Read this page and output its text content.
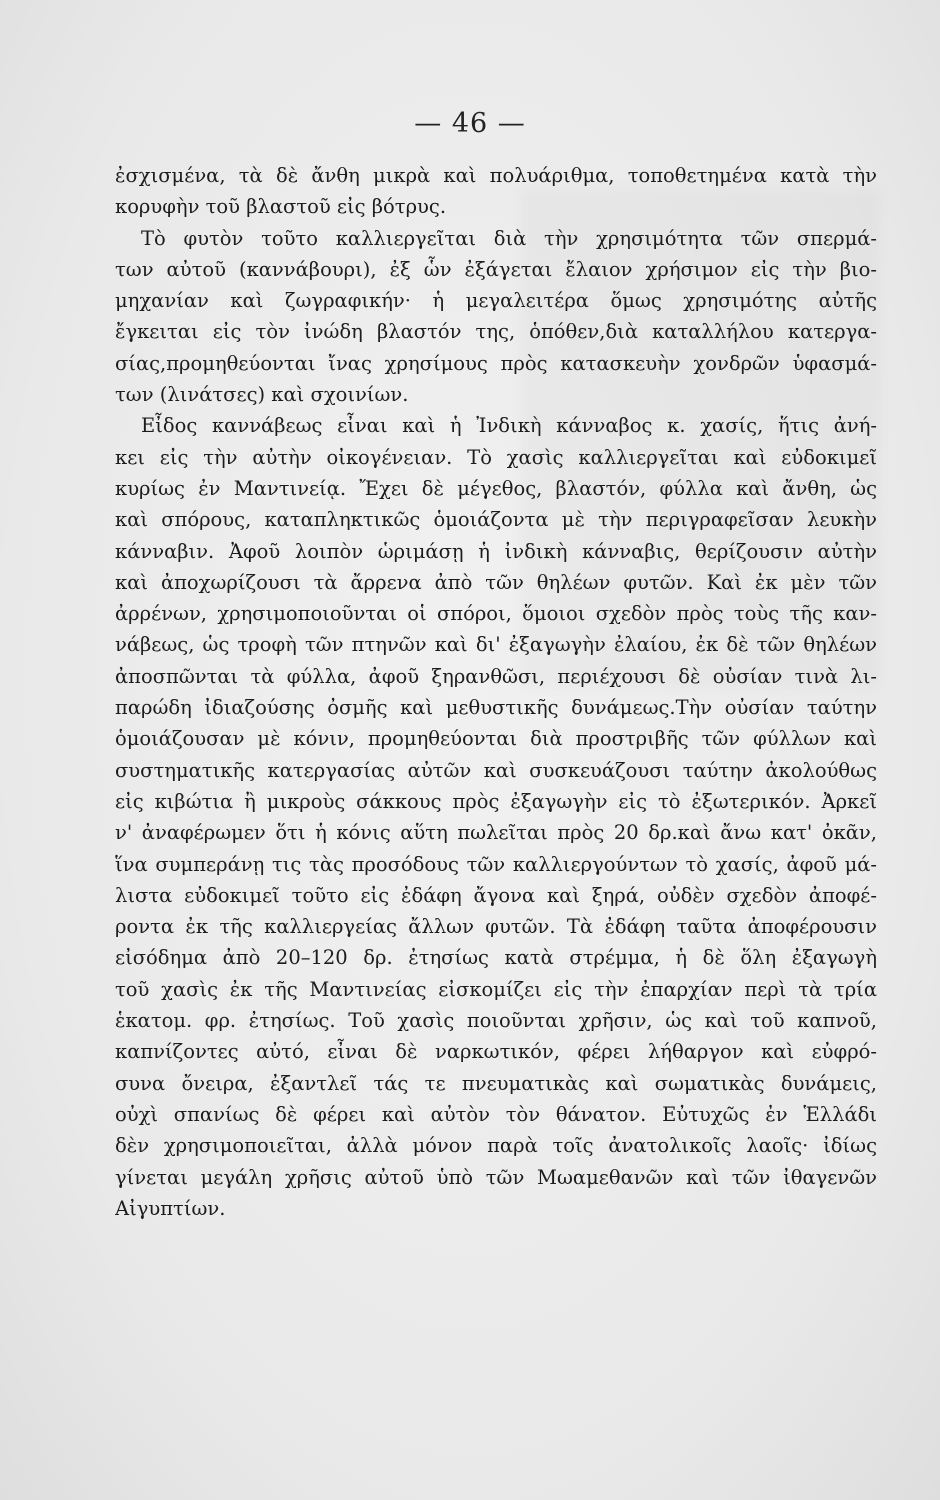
— 46 —
ἐσχισμένα, τὰ δὲ ἄνθη μικρὰ καὶ πολυάριθμα, τοποθετημένα κατὰ τὴν
κορυφὴν τοῦ βλαστοῦ εἰς βότρυς.
Τὸ φυτὸν τοῦτο καλλιεργεῖται διὰ τὴν χρησιμότητα τῶν σπερμά-
των αὐτοῦ (καννάβουρι), ἐξ ὧν ἐξάγεται ἔλαιον χρήσιμον εἰς τὴν βιο-
μηχανίαν καὶ ζωγραφικήν· ἡ μεγαλειτέρα ὅμως χρησιμότης αὐτῆς
ἔγκειται εἰς τὸν ἰνώδη βλαστόν της, ὁπόθεν,διὰ καταλλήλου κατεργα-
σίας,προμηθεύονται ἴνας χρησίμους πρὸς κατασκευὴν χονδρῶν ὑφασμά-
των (λινάτσες) καὶ σχοινίων.
Εἶδος καννάβεως εἶναι καὶ ἡ Ἰνδικὴ κάνναβος κ. χασίς, ἥτις ἀνή-
κει εἰς τὴν αὐτὴν οἰκογένειαν. Τὸ χασὶς καλλιεργεῖται καὶ εὐδοκιμεῖ
κυρίως ἐν Μαντινείᾳ. Ἔχει δὲ μέγεθος, βλαστόν, φύλλα καὶ ἄνθη, ὡς
καὶ σπόρους, καταπληκτικῶς ὁμοιάζοντα μὲ τὴν περιγραφεῖσαν λευκὴν
κάνναβιν. Ἀφοῦ λοιπὸν ὡριμάσῃ ἡ ἰνδικὴ κάνναβις, θερίζουσιν αὐτὴν
καὶ ἀποχωρίζουσι τὰ ἄρρενα ἀπὸ τῶν θηλέων φυτῶν. Καὶ ἐκ μὲν τῶν
ἀρρένων, χρησιμοποιοῦνται οἱ σπόροι, ὅμοιοι σχεδὸν πρὸς τοὺς τῆς καν-
νάβεως, ὡς τροφὴ τῶν πτηνῶν καὶ δι' ἐξαγωγὴν ἐλαίου, ἐκ δὲ τῶν θηλέων
ἀποσπῶνται τὰ φύλλα, ἀφοῦ ξηρανθῶσι, περιέχουσι δὲ οὐσίαν τινὰ λι-
παρώδη ἰδιαζούσης ὀσμῆς καὶ μεθυστικῆς δυνάμεως.Τὴν οὐσίαν ταύτην
ὁμοιάζουσαν μὲ κόνιν, προμηθεύονται διὰ προστριβῆς τῶν φύλλων καὶ
συστηματικῆς κατεργασίας αὐτῶν καὶ συσκευάζουσι ταύτην ἀκολούθως
εἰς κιβώτια ἢ μικροὺς σάκκους πρὸς ἐξαγωγὴν εἰς τὸ ἐξωτερικόν. Ἀρκεῖ
ν' ἀναφέρωμεν ὅτι ἡ κόνις αὕτη πωλεῖται πρὸς 20 δρ.καὶ ἄνω κατ' ὀκᾶν,
ἵνα συμπεράνῃ τις τὰς προσόδους τῶν καλλιεργούντων τὸ χασίς, ἀφοῦ μά-
λιστα εὐδοκιμεῖ τοῦτο εἰς ἐδάφη ἄγονα καὶ ξηρά, οὐδὲν σχεδὸν ἀποφέ-
ροντα ἐκ τῆς καλλιεργείας ἄλλων φυτῶν. Τὰ ἐδάφη ταῦτα ἀποφέρουσιν
εἰσόδημα ἀπὸ 20–120 δρ. ἐτησίως κατὰ στρέμμα, ἡ δὲ ὅλη ἐξαγωγὴ
τοῦ χασὶς ἐκ τῆς Μαντινείας εἰσκομίζει εἰς τὴν ἐπαρχίαν περὶ τὰ τρία
ἑκατομ. φρ. ἐτησίως. Τοῦ χασὶς ποιοῦνται χρῆσιν, ὡς καὶ τοῦ καπνοῦ,
καπνίζοντες αὐτό, εἶναι δὲ ναρκωτικόν, φέρει λήθαργον καὶ εὐφρό-
συνα ὄνειρα, ἐξαντλεῖ τάς τε πνευματικὰς καὶ σωματικὰς δυνάμεις,
οὐχὶ σπανίως δὲ φέρει καὶ αὐτὸν τὸν θάνατον. Εὐτυχῶς ἐν Ἑλλάδι
δὲν χρησιμοποιεῖται, ἀλλὰ μόνον παρὰ τοῖς ἀνατολικοῖς λαοῖς· ἰδίως
γίνεται μεγάλη χρῆσις αὐτοῦ ὑπὸ τῶν Μωαμεθανῶν καὶ τῶν ἰθαγενῶν
Αἰγυπτίων.
